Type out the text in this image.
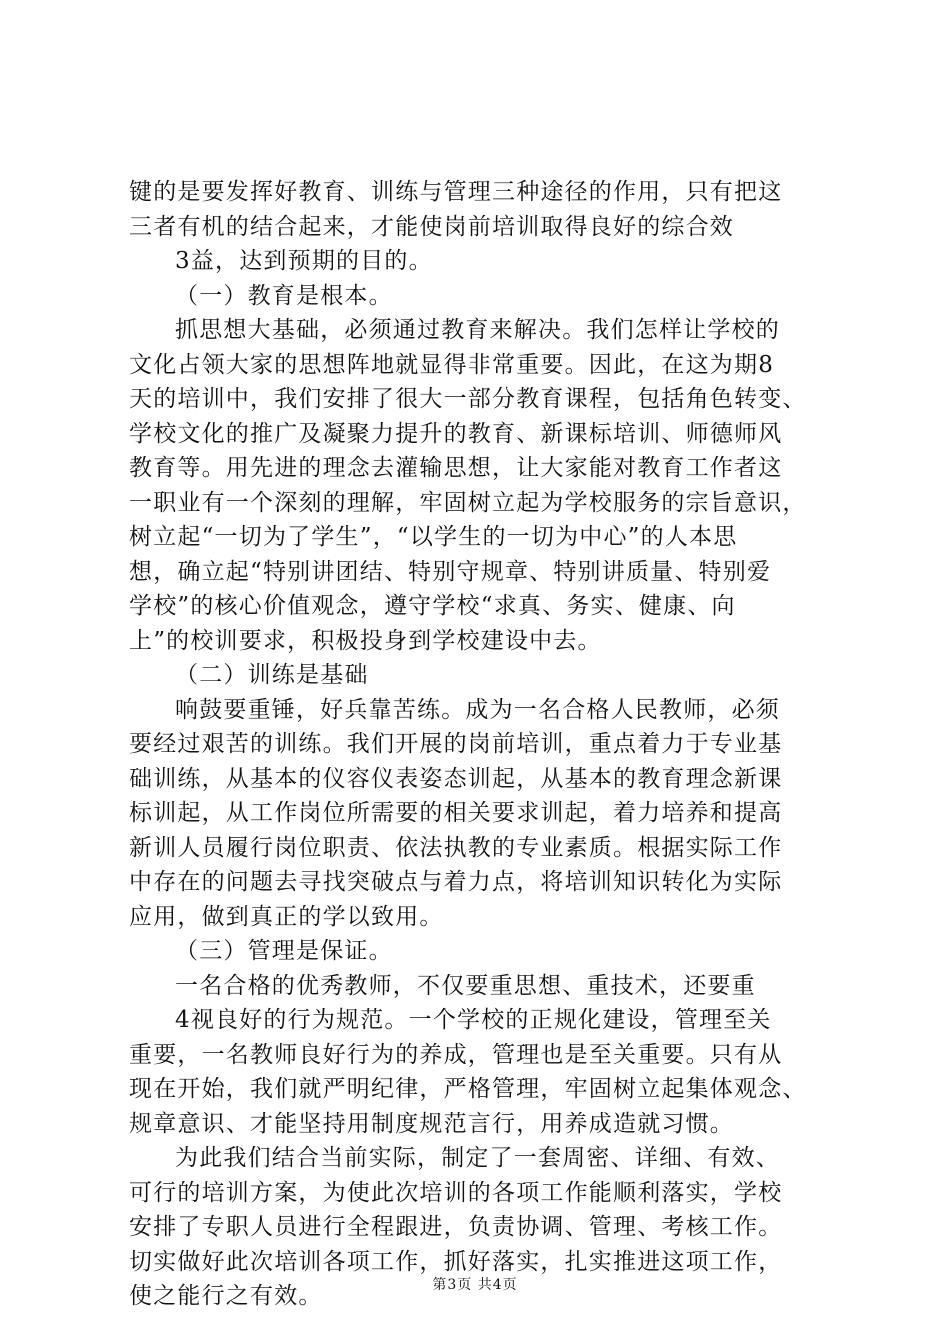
键的是要发挥好教育、训练与管理三种途径的作用，只有把这
三者有机的结合起来，才能使岗前培训取得良好的综合效
3益，达到预期的目的。
（一）教育是根本。
抓思想大基础，必须通过教育来解决。我们怎样让学校的
文化占领大家的思想阵地就显得非常重要。因此，在这为期8
天的培训中，我们安排了很大一部分教育课程，包括角色转变、
学校文化的推广及凝聚力提升的教育、新课标培训、师德师风
教育等。用先进的理念去灌输思想，让大家能对教育工作者这
一职业有一个深刻的理解，牢固树立起为学校服务的宗旨意识，
树立起“一切为了学生”，“以学生的一切为中心”的人本思
想，确立起“特别讲团结、特别守规章、特别讲质量、特别爱
学校”的核心价值观念，遵守学校“求真、务实、健康、向
上”的校训要求，积极投身到学校建设中去。
（二）训练是基础
响鼓要重锤，好兵靠苦练。成为一名合格人民教师，必须
要经过艰苦的训练。我们开展的岗前培训，重点着力于专业基
础训练，从基本的仪容仪表姿态训起，从基本的教育理念新课
标训起，从工作岗位所需要的相关要求训起，着力培养和提高
新训人员履行岗位职责、依法执教的专业素质。根据实际工作
中存在的问题去寻找突破点与着力点，将培训知识转化为实际
应用，做到真正的学以致用。
（三）管理是保证。
一名合格的优秀教师，不仅要重思想、重技术，还要重
4视良好的行为规范。一个学校的正规化建设，管理至关
重要，一名教师良好行为的养成，管理也是至关重要。只有从
现在开始，我们就严明纪律，严格管理，牢固树立起集体观念、
规章意识、才能坚持用制度规范言行，用养成造就习惯。
为此我们结合当前实际，制定了一套周密、详细、有效、
可行的培训方案，为使此次培训的各项工作能顺利落实，学校
安排了专职人员进行全程跟进，负责协调、管理、考核工作。
切实做好此次培训各项工作，抓好落实，扎实推进这项工作，
使之能行之有效。	第3页 共4页
